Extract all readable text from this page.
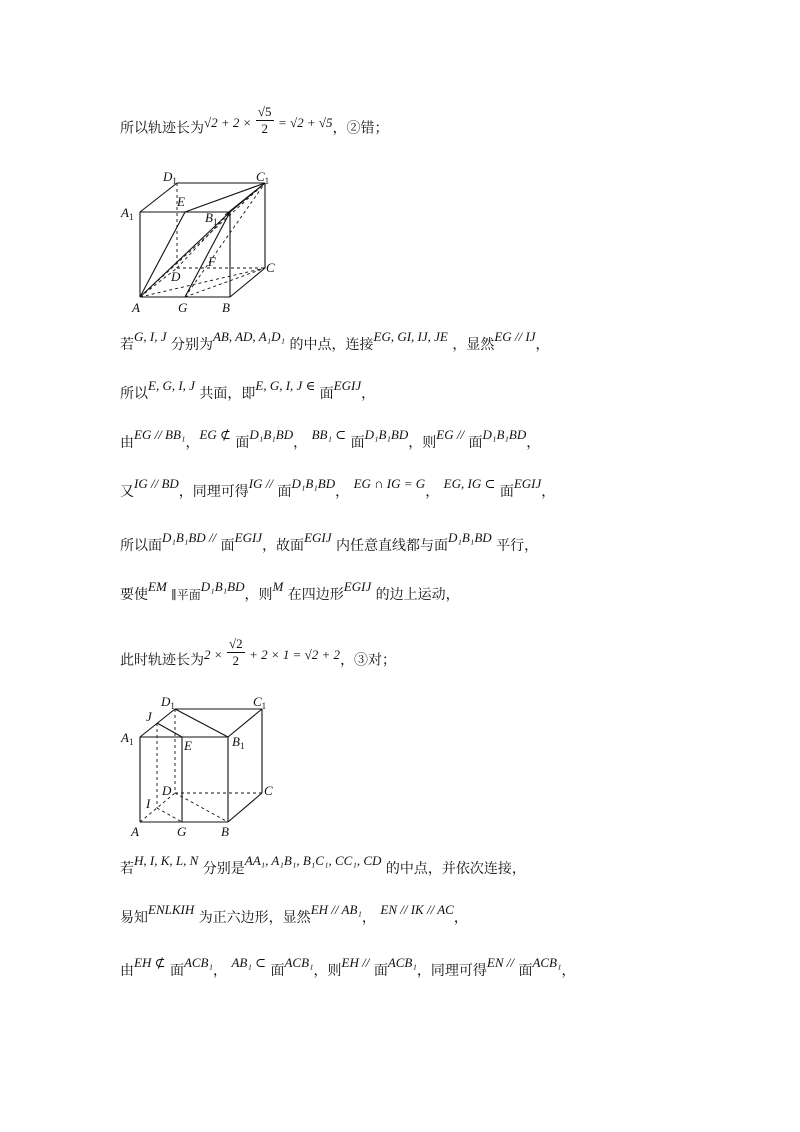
所以轨迹长为$√2 + 2 \times \frac{√5}{2} = √2 + √5$，②错；
$D_1$	$C_1$
$A_1$	$B_1$
E
F
D
C
A	G	B
若G, I, J 分别为AB, AD, A₁D₁ 的中点，连接EG, GI, IJ, JE ，显然EG // IJ，
所以E, G, I, J 共面，即E, G, I, J ∈ 面EGIJ，
由EG // BB₁，EG ⊄ 面D₁B₁BD， BB₁ ⊂ 面D₁B₁BD，则EG // 面D₁B₁BD，
又IG // BD，同理可得IG // 面D₁B₁BD， EG ∩ IG = G， EG, IG ⊂ 面EGIJ，
所以面D₁B₁BD // 面EGIJ，故面EGIJ 内任意直线都与面D₁B₁BD 平行，
要使EM ∥平面D₁B₁BD，则M 在四边形EGIJ 的边上运动，
此时轨迹长为$2 \times \frac{√2}{2} + 2 \times 1 = √2 + 2$，③对；
$D_1$	$C_1$
J
$A_1$	E	$B_1$
D	C
I
A	G	B
若H, I, K, L, N 分别是AA₁, A₁B₁, B₁C₁, CC₁, CD 的中点，并依次连接，
易知ENLKIH 为正六边形，显然EH // AB₁， EN // IK // AC，
由EH ⊄ 面ACB₁， AB₁ ⊂ 面ACB₁，则EH // 面ACB₁，同理可得EN // 面ACB₁，
